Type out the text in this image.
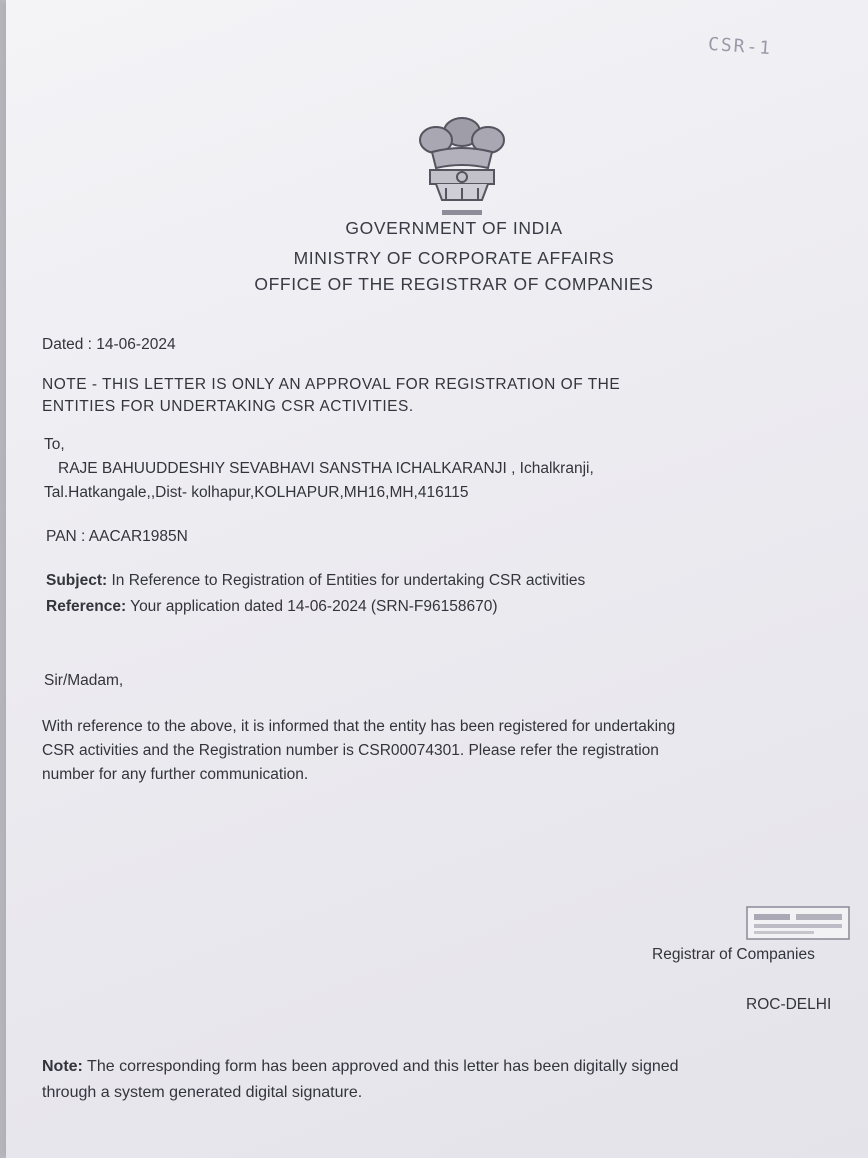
CSR-1
GOVERNMENT OF INDIA
MINISTRY OF CORPORATE AFFAIRS
OFFICE OF THE REGISTRAR OF COMPANIES
Dated : 14-06-2024
NOTE - THIS LETTER IS ONLY AN APPROVAL FOR REGISTRATION OF THE
ENTITIES FOR UNDERTAKING CSR ACTIVITIES.
To,
RAJE BAHUUDDESHIY SEVABHAVI SANSTHA ICHALKARANJI , Ichalkranji,
Tal.Hatkangale,,Dist- kolhapur,KOLHAPUR,MH16,MH,416115
PAN : AACAR1985N
Subject: In Reference to Registration of Entities for undertaking CSR activities
Reference: Your application dated 14-06-2024 (SRN-F96158670)
Sir/Madam,
With reference to the above, it is informed that the entity has been registered for undertaking
CSR activities and the Registration number is CSR00074301. Please refer the registration
number for any further communication.
Registrar of Companies
ROC-DELHI
Note: The corresponding form has been approved and this letter has been digitally signed
through a system generated digital signature.
